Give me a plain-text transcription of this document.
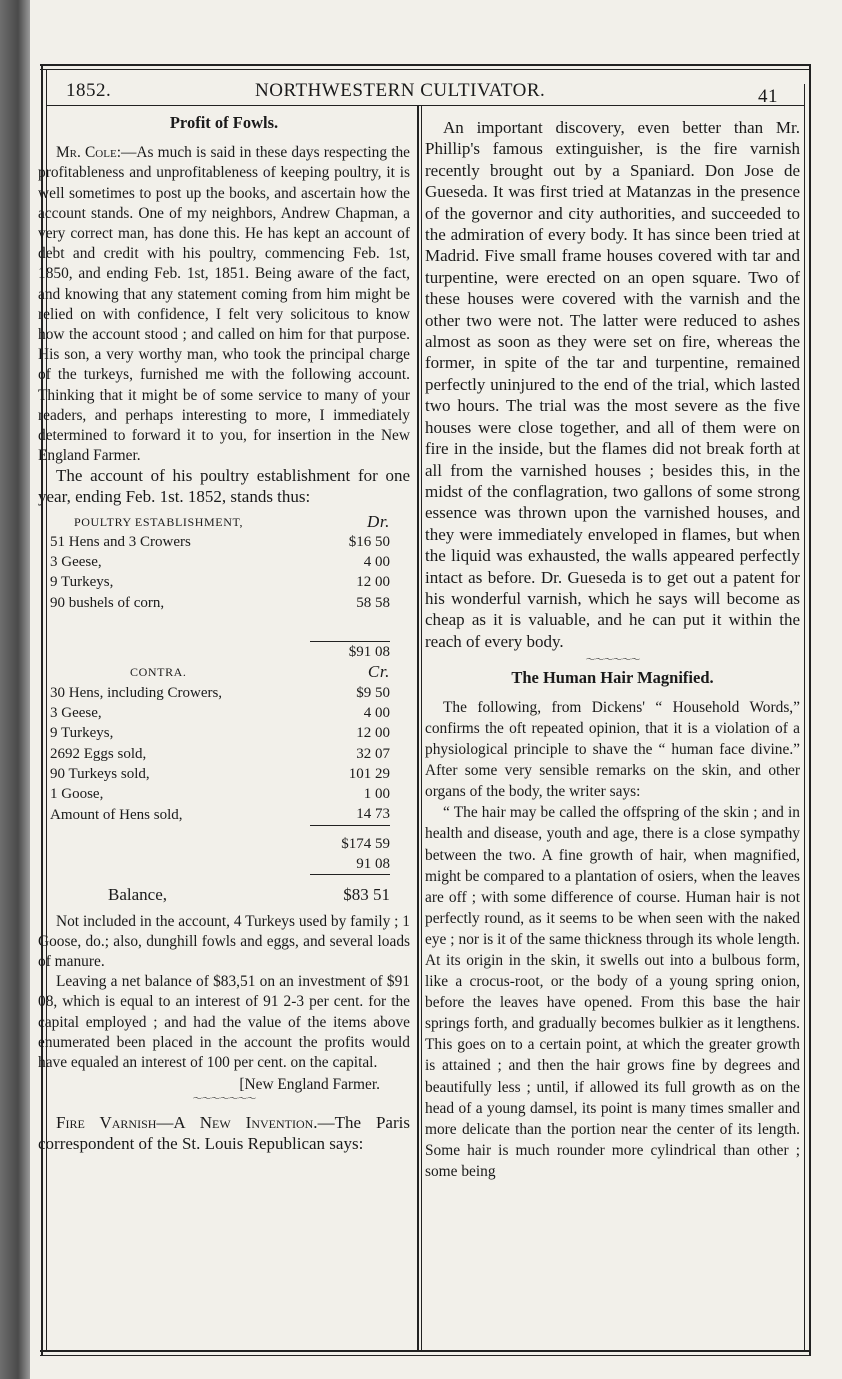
1852.	NORTHWESTERN CULTIVATOR.	41
Profit of Fowls.

Mr. Cole:—As much is said in these days respecting the profitableness and unprofitableness of keeping poultry, it is well sometimes to post up the books, and ascertain how the account stands. One of my neighbors, Andrew Chapman, a very correct man, has done this. He has kept an account of debt and credit with his poultry, commencing Feb. 1st, 1850, and ending Feb. 1st, 1851. Being aware of the fact, and knowing that any statement coming from him might be relied on with confidence, I felt very solicitous to know how the account stood ; and called on him for that purpose. His son, a very worthy man, who took the principal charge of the turkeys, furnished me with the following account. Thinking that it might be of some service to many of your readers, and perhaps interesting to more, I immediately determined to forward it to you, for insertion in the New England Farmer.

The account of his poultry establishment for one year, ending Feb. 1st. 1852, stands thus:

POULTRY ESTABLISHMENT,	Dr.
51 Hens and 3 Crowers	$16 50
3 Geese,	4 00
9 Turkeys,	12 00
90 bushels of corn,	58 58

	$91 08
CONTRA.	Cr.
30 Hens, including Crowers,	$9 50
3 Geese,	4 00
9 Turkeys,	12 00
2692 Eggs sold,	32 07
90 Turkeys sold,	101 29
1 Goose,	1 00
Amount of Hens sold,	14 73

	$174 59
	91 08

Balance,	$83 51

Not included in the account, 4 Turkeys used by family ; 1 Goose, do.; also, dunghill fowls and eggs, and several loads of manure.

Leaving a net balance of $83,51 on an investment of $91 08, which is equal to an interest of 91 2-3 per cent. for the capital employed ; and had the value of the items above enumerated been placed in the account the profits would have equaled an interest of 100 per cent. on the capital.

[New England Farmer.
〜〜〜〜〜〜〜

Fire Varnish—A New Invention.—The Paris correspondent of the St. Louis Republican says:

An important discovery, even better than Mr. Phillip's famous extinguisher, is the fire varnish recently brought out by a Spaniard. Don Jose de Gueseda. It was first tried at Matanzas in the presence of the governor and city authorities, and succeeded to the admiration of every body. It has since been tried at Madrid. Five small frame houses covered with tar and turpentine, were erected on an open square. Two of these houses were covered with the varnish and the other two were not. The latter were reduced to ashes almost as soon as they were set on fire, whereas the former, in spite of the tar and turpentine, remained perfectly uninjured to the end of the trial, which lasted two hours. The trial was the most severe as the five houses were close together, and all of them were on fire in the inside, but the flames did not break forth at all from the varnished houses ; besides this, in the midst of the conflagration, two gallons of some strong essence was thrown upon the varnished houses, and they were immediately enveloped in flames, but when the liquid was exhausted, the walls appeared perfectly intact as before. Dr. Gueseda is to get out a patent for his wonderful varnish, which he says will become as cheap as it is valuable, and he can put it within the reach of every body.

〜〜〜〜〜〜
The Human Hair Magnified.

The following, from Dickens' “ Household Words,” confirms the oft repeated opinion, that it is a violation of a physiological principle to shave the “ human face divine.” After some very sensible remarks on the skin, and other organs of the body, the writer says:

“ The hair may be called the offspring of the skin ; and in health and disease, youth and age, there is a close sympathy between the two. A fine growth of hair, when magnified, might be compared to a plantation of osiers, when the leaves are off ; with some difference of course. Human hair is not perfectly round, as it seems to be when seen with the naked eye ; nor is it of the same thickness through its whole length. At its origin in the skin, it swells out into a bulbous form, like a crocus-root, or the body of a young spring onion, before the leaves have opened. From this base the hair springs forth, and gradually becomes bulkier as it lengthens. This goes on to a certain point, at which the greater growth is attained ; and then the hair grows fine by degrees and beautifully less ; until, if allowed its full growth as on the head of a young damsel, its point is many times smaller and more delicate than the portion near the center of its length. Some hair is much rounder more cylindrical than other ; some being
